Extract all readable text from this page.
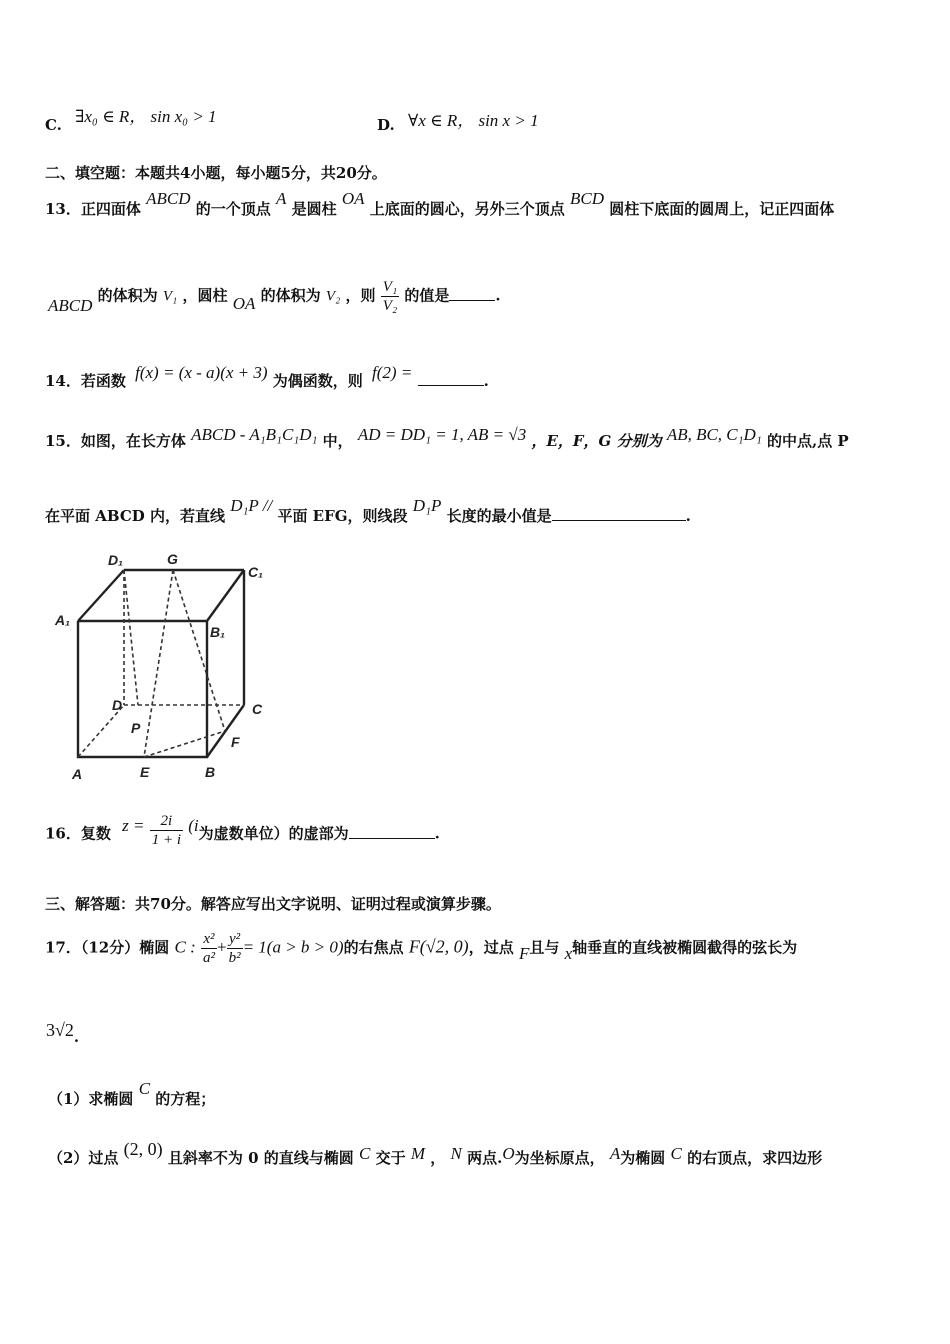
C. ∃x₀ ∈ R， sin x₀ > 1	D. ∀x ∈ R， sin x > 1
二、填空题：本题共4小题，每小题5分，共20分。
13．正四面体 ABCD 的一个顶点 A 是圆柱 OA 上底面的圆心，另外三个顶点 BCD 圆柱下底面的圆周上，记正四面体
ABCD 的体积为 V₁ ，圆柱 OA 的体积为 V₂ ，则 $\frac{\text{V₁}}{\text{V₂}}$ 的值是	.
14．若函数 f(x) = (x - a)(x + 3) 为偶函数，则 f(2) =	.
15．如图，在长方体 ABCD - A₁B₁C₁D₁ 中， AD = DD₁ = 1, AB = √3 ，E，F，G 分别为 AB, BC, C₁D₁ 的中点,点 P
在平面 ABCD 内，若直线 D₁P // 平面 EFG，则线段 D₁P 长度的最小值是	.
D₁	G
C₁
A₁
B₁
D	C
P
F
A	E	B
16．复数 $z = \frac{2i}{1 + i} (i$为虚数单位）的虚部为	.
三、解答题：共70分。解答应写出文字说明、证明过程或演算步骤。
17．（12分）椭圆 C : $\frac{\text{x²}}{\text{a²}} + \frac{\text{y²}}{\text{b²}} = 1(a > b > 0)$的右焦点 F(√2, 0)，过点 F且与 x轴垂直的直线被椭圆截得的弦长为
3√2.
（1）求椭圆 C 的方程；
（2）过点 (2, 0) 且斜率不为 0 的直线与椭圆 C 交于 M ， N 两点.O为坐标原点， A为椭圆 C 的右顶点，求四边形
